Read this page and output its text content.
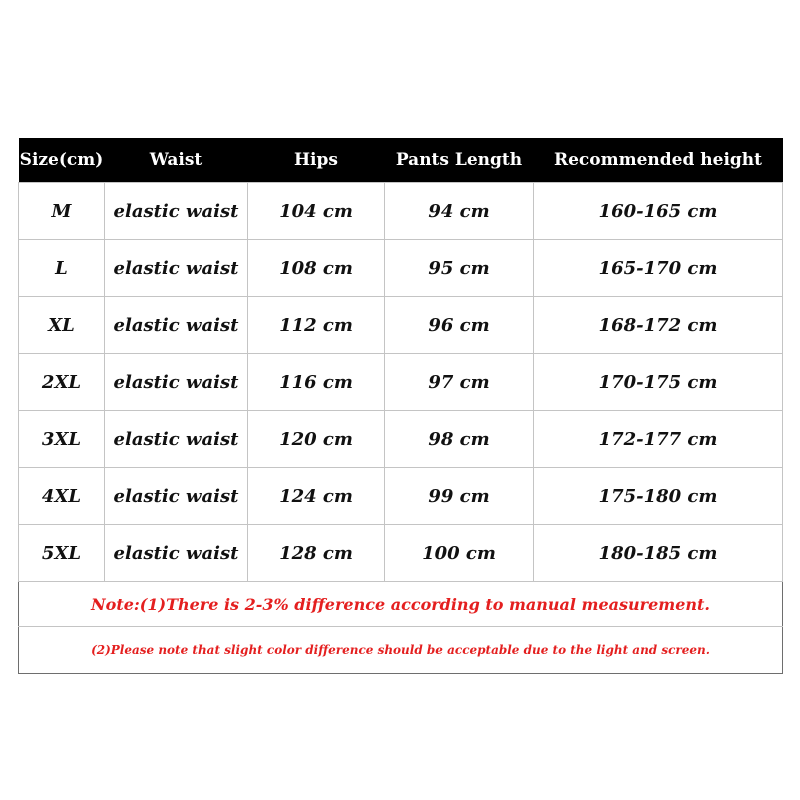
Size(cm)	Waist	Hips	Pants Length	Recommended height
M	elastic waist	104 cm	94 cm	160-165 cm
L	elastic waist	108 cm	95 cm	165-170 cm
XL	elastic waist	112 cm	96 cm	168-172 cm
2XL	elastic waist	116 cm	97 cm	170-175 cm
3XL	elastic waist	120 cm	98 cm	172-177 cm
4XL	elastic waist	124 cm	99 cm	175-180 cm
5XL	elastic waist	128 cm	100 cm	180-185 cm
Note:(1)There is 2-3% difference according to manual measurement.				
(2)Please note that slight color difference should be acceptable due to the light and screen.				
